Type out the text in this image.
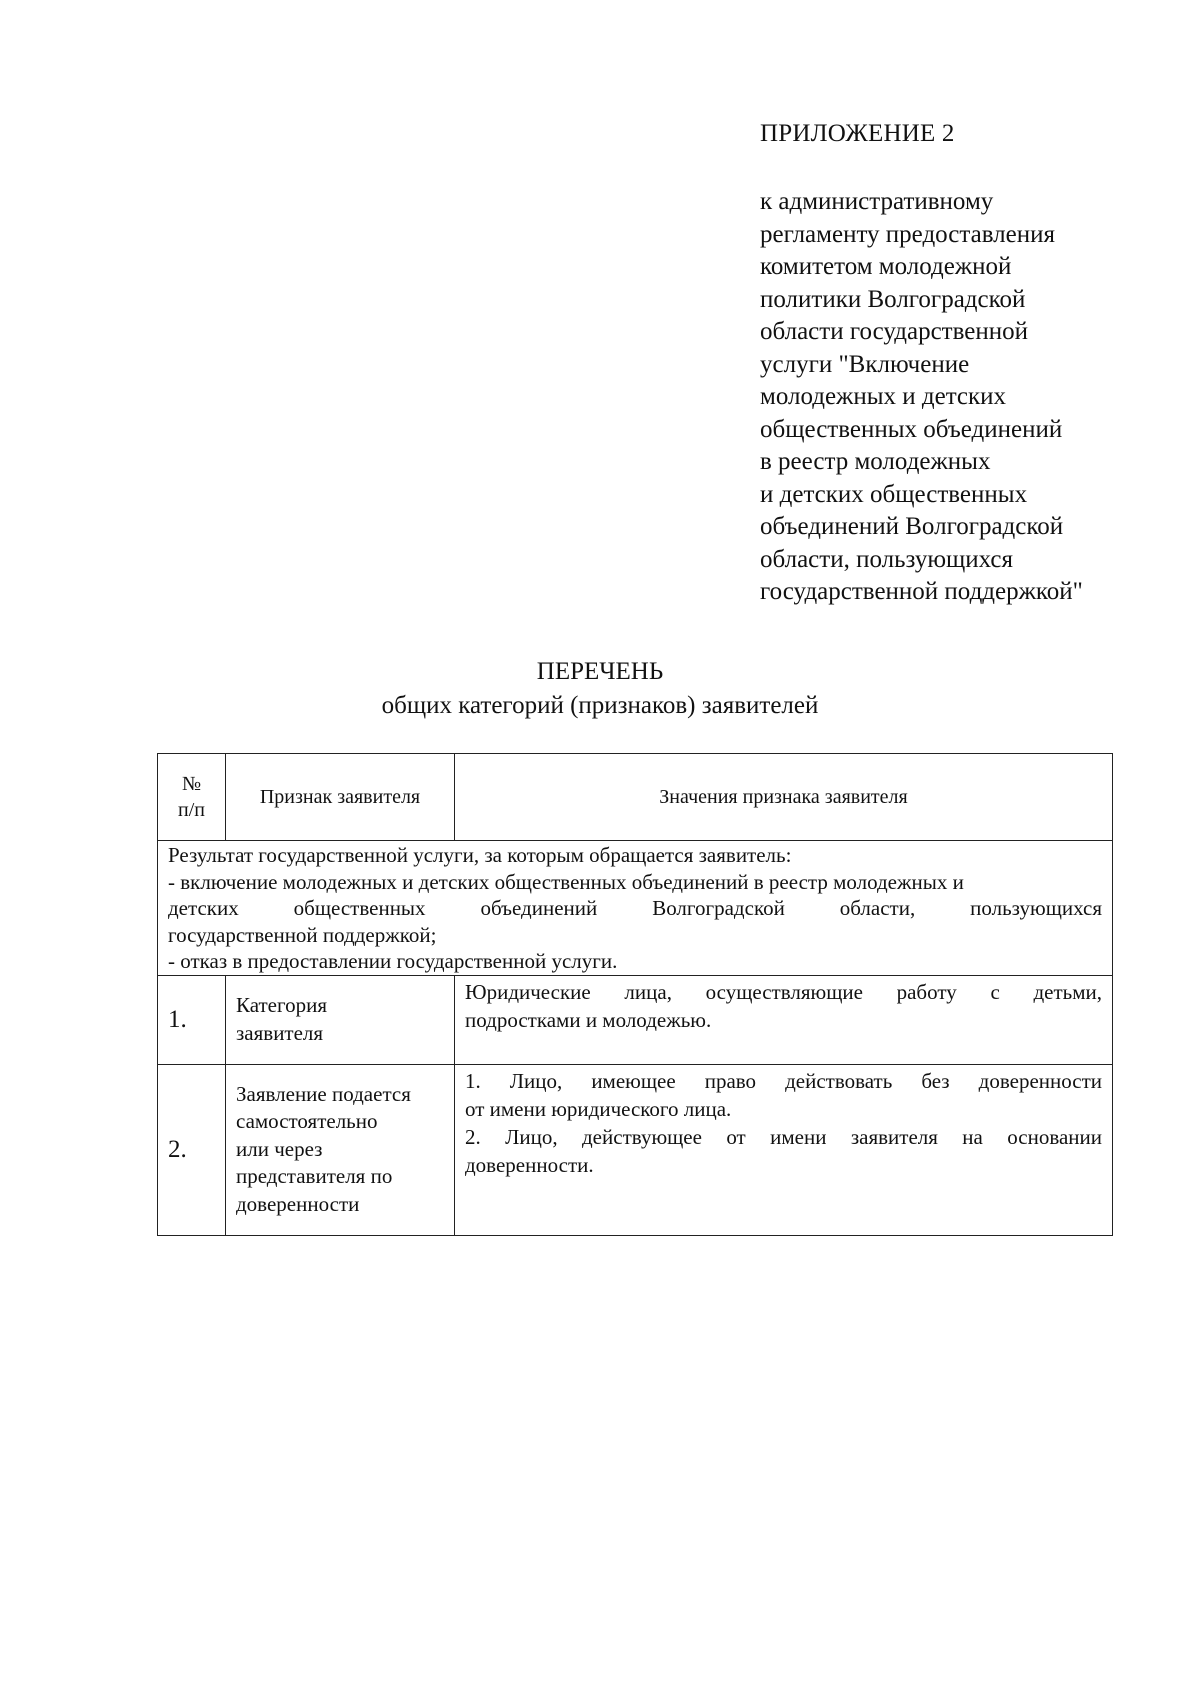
ПРИЛОЖЕНИЕ 2
к административному
регламенту предоставления
комитетом молодежной
политики Волгоградской
области государственной
услуги "Включение
молодежных и детских
общественных объединений
в реестр молодежных
и детских общественных
объединений Волгоградской
области, пользующихся
государственной поддержкой"
ПЕРЕЧЕНЬ
общих категорий (признаков) заявителей
№
п/п	Признак заявителя	Значения признака заявителя

Результат государственной услуги, за которым обращается заявитель:
- включение молодежных и детских общественных объединений в реестр молодежных и
детских общественных объединений Волгоградской области, пользующихся
государственной поддержкой;
- отказ в предоставлении государственной услуги.		

1.	Категория
заявителя	Юридические лица, осуществляющие работу с детьми,
подростками и молодежью.

2.	Заявление подается
самостоятельно
или через
представителя по
доверенности	1. Лицо, имеющее право действовать без доверенности
от имени юридического лица.
2. Лицо, действующее от имени заявителя на основании
доверенности.
